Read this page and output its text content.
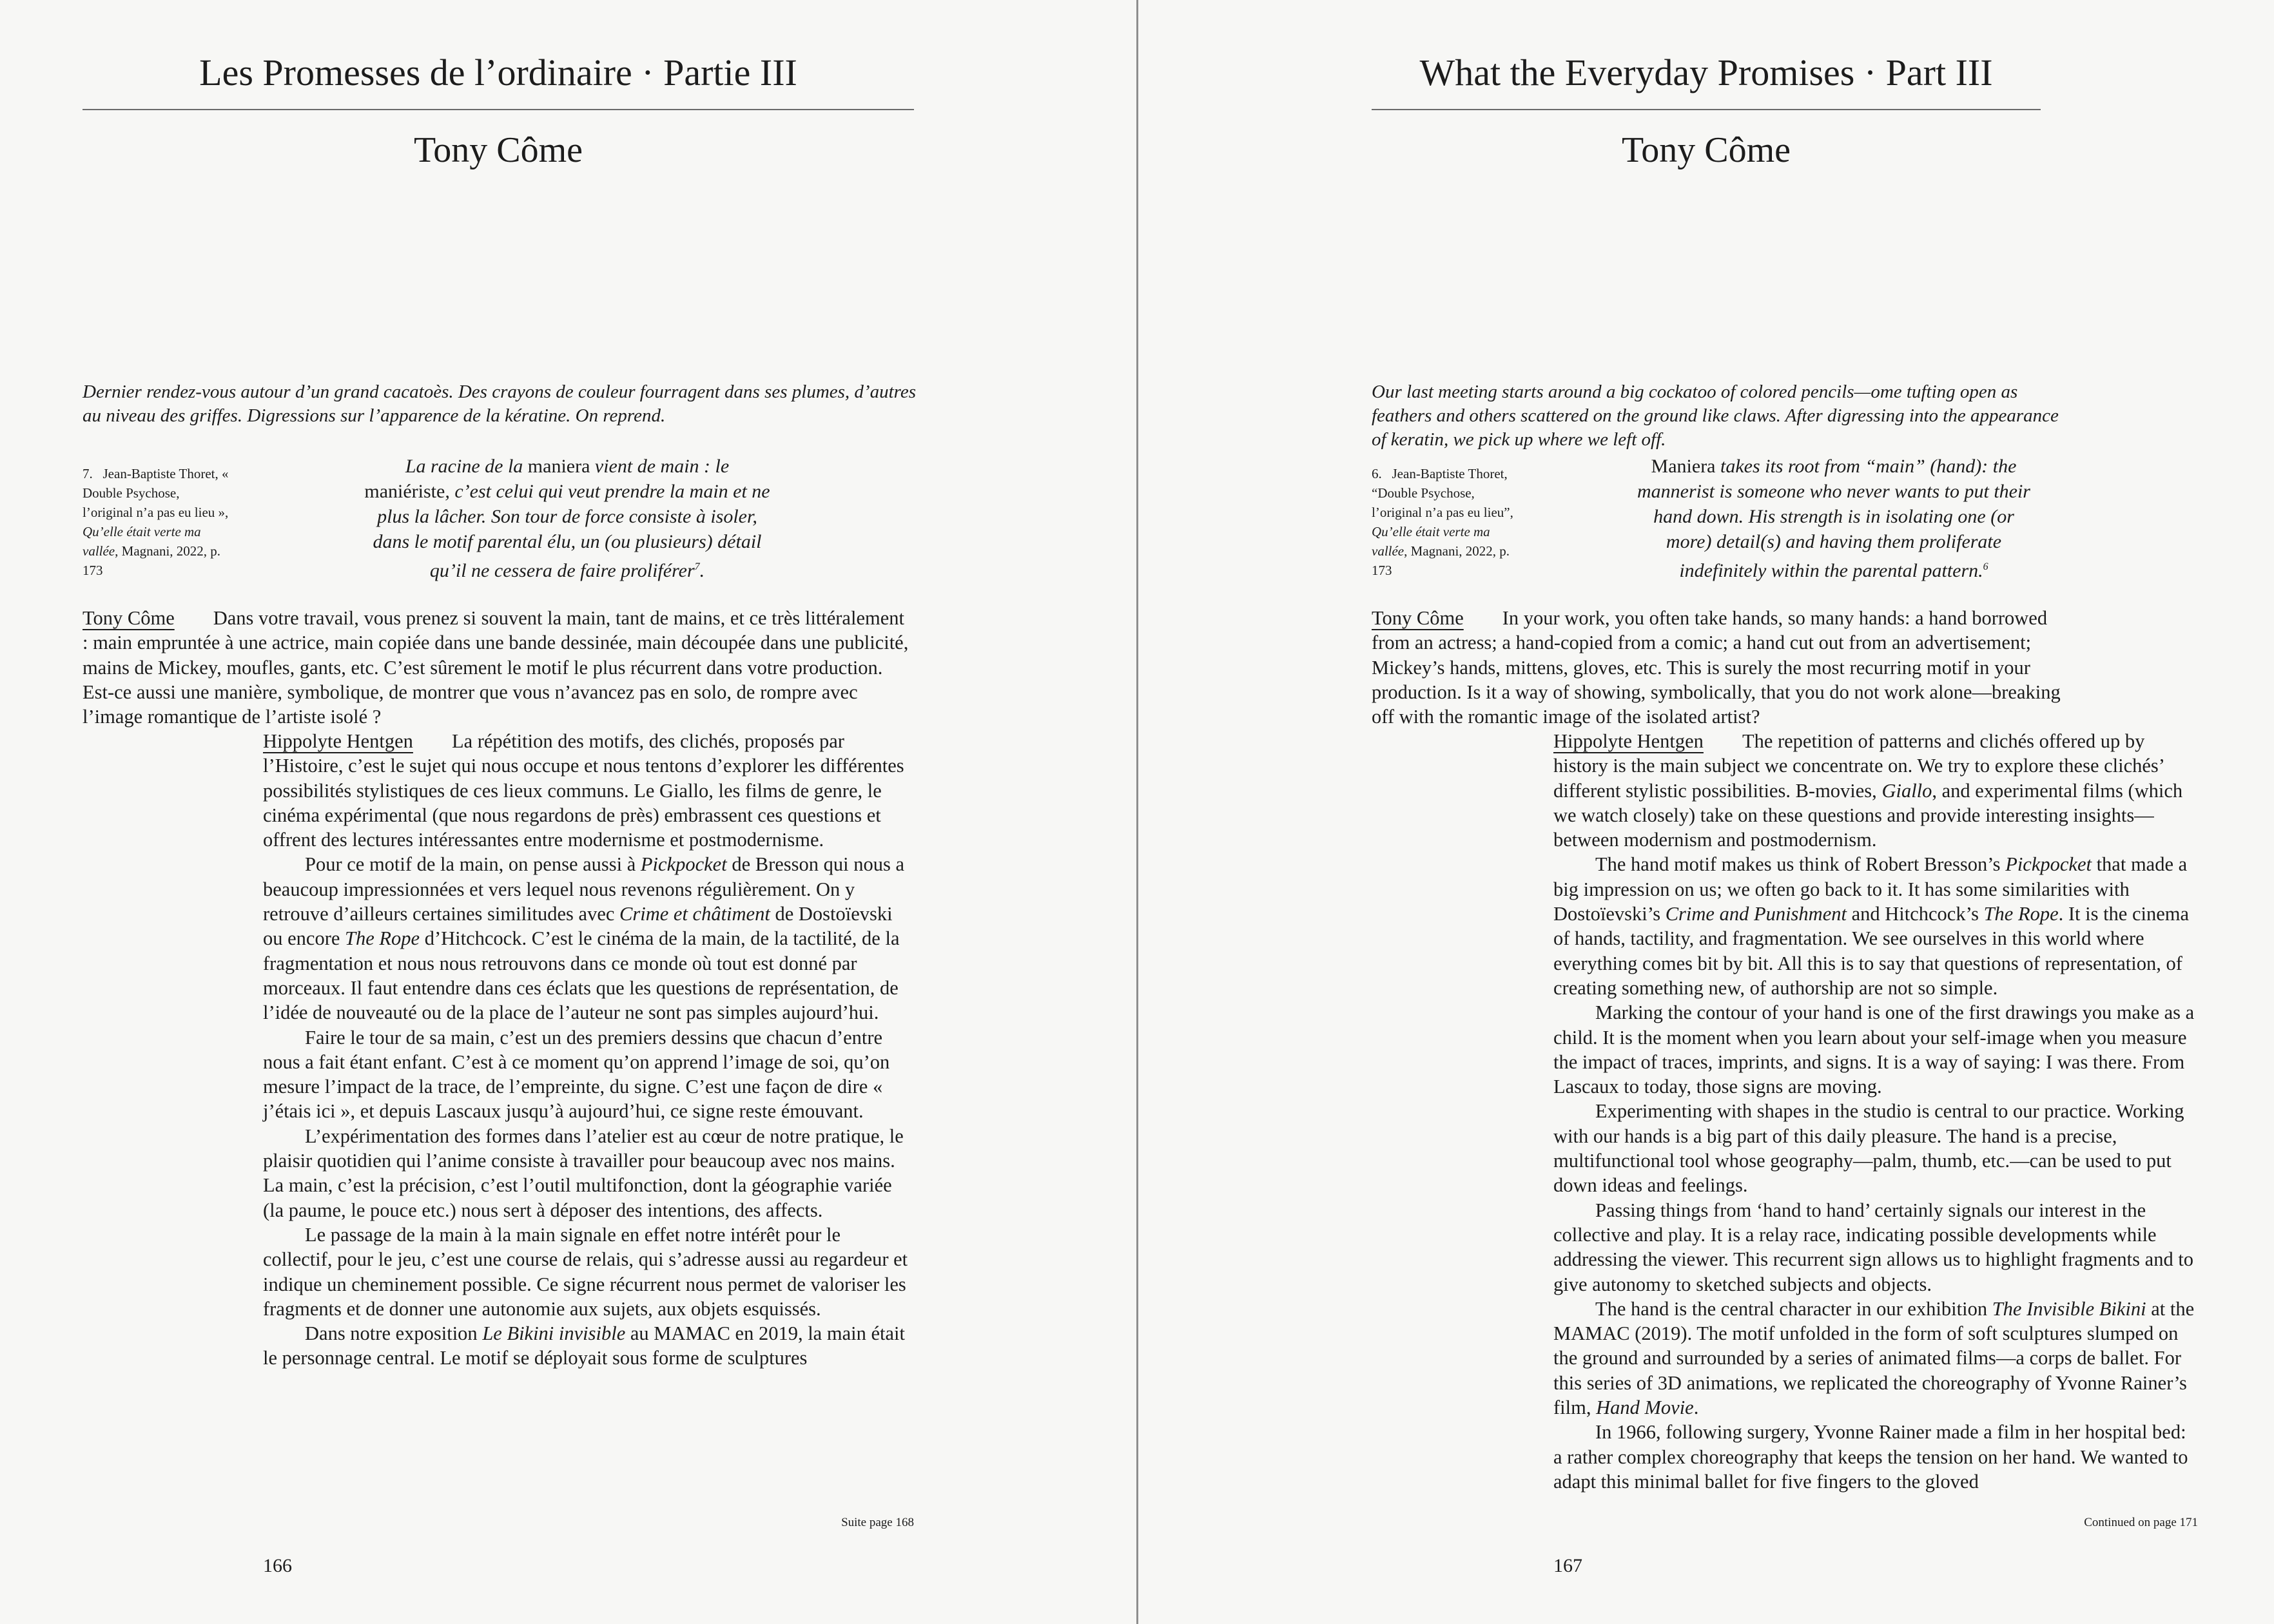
Les Promesses de l’ordinaire · Partie III
Tony Côme
Dernier rendez-vous autour d’un grand cacatoès. Des crayons de couleur fourragent dans ses plumes, d’autres au niveau des griffes. Digressions sur l’apparence de la kératine. On reprend.
7. Jean-Baptiste Thoret, « Double Psychose, l’original n’a pas eu lieu », Qu’elle était verte ma vallée, Magnani, 2022, p. 173
La racine de la maniera vient de main : le maniériste, c’est celui qui veut prendre la main et ne plus la lâcher. Son tour de force consiste à isoler, dans le motif parental élu, un (ou plusieurs) détail qu’il ne cessera de faire proliférer$^7$.

Tony Côme Dans votre travail, vous prenez si souvent la main, tant de mains, et ce très littéralement : main empruntée à une actrice, main copiée dans une bande dessinée, main découpée dans une publicité, mains de Mickey, moufles, gants, etc. C’est sûrement le motif le plus récurrent dans votre production. Est-ce aussi une manière, symbolique, de montrer que vous n’avancez pas en solo, de rompre avec l’image romantique de l’artiste isolé ?

Hippolyte Hentgen La répétition des motifs, des clichés, proposés par l’Histoire, c’est le sujet qui nous occupe et nous tentons d’explorer les différentes possibilités stylistiques de ces lieux communs. Le Giallo, les films de genre, le cinéma expérimental (que nous regardons de près) embrassent ces questions et offrent des lectures intéressantes entre modernisme et postmodernisme.

Pour ce motif de la main, on pense aussi à Pickpocket de Bresson qui nous a beaucoup impressionnées et vers lequel nous revenons régulièrement. On y retrouve d’ailleurs certaines similitudes avec Crime et châtiment de Dostoïevski ou encore The Rope d’Hitchcock. C’est le cinéma de la main, de la tactilité, de la fragmentation et nous nous retrouvons dans ce monde où tout est donné par morceaux. Il faut entendre dans ces éclats que les questions de représentation, de l’idée de nouveauté ou de la place de l’auteur ne sont pas simples aujourd’hui.

Faire le tour de sa main, c’est un des premiers dessins que chacun d’entre nous a fait étant enfant. C’est à ce moment qu’on apprend l’image de soi, qu’on mesure l’impact de la trace, de l’empreinte, du signe. C’est une façon de dire « j’étais ici », et depuis Lascaux jusqu’à aujourd’hui, ce signe reste émouvant.

L’expérimentation des formes dans l’atelier est au cœur de notre pratique, le plaisir quotidien qui l’anime consiste à travailler pour beaucoup avec nos mains. La main, c’est la précision, c’est l’outil multifonction, dont la géographie variée (la paume, le pouce etc.) nous sert à déposer des intentions, des affects.

Le passage de la main à la main signale en effet notre intérêt pour le collectif, pour le jeu, c’est une course de relais, qui s’adresse aussi au regardeur et indique un cheminement possible. Ce signe récurrent nous permet de valoriser les fragments et de donner une autonomie aux sujets, aux objets esquissés.

Dans notre exposition Le Bikini invisible au MAMAC en 2019, la main était le personnage central. Le motif se déployait sous forme de sculptures

Suite page 168
166
What the Everyday Promises · Part III
Tony Côme
Our last meeting starts around a big cockatoo of colored pencils—ome tufting open as feathers and others scattered on the ground like claws. After digressing into the appearance of keratin, we pick up where we left off.
6. Jean-Baptiste Thoret, “Double Psychose, l’original n’a pas eu lieu”, Qu’elle était verte ma vallée, Magnani, 2022, p. 173
Maniera takes its root from “main” (hand): the mannerist is someone who never wants to put their hand down. His strength is in isolating one (or more) detail(s) and having them proliferate indefinitely within the parental pattern.$^6$

Tony Côme In your work, you often take hands, so many hands: a hand borrowed from an actress; a hand-copied from a comic; a hand cut out from an advertisement; Mickey’s hands, mittens, gloves, etc. This is surely the most recurring motif in your production. Is it a way of showing, symbolically, that you do not work alone—breaking off with the romantic image of the isolated artist?

Hippolyte Hentgen The repetition of patterns and clichés offered up by history is the main subject we concentrate on. We try to explore these clichés’ different stylistic possibilities. B-movies, Giallo, and experimental films (which we watch closely) take on these questions and provide interesting insights—between modernism and postmodernism.

The hand motif makes us think of Robert Bresson’s Pickpocket that made a big impression on us; we often go back to it. It has some similarities with Dostoïevski’s Crime and Punishment and Hitchcock’s The Rope. It is the cinema of hands, tactility, and fragmentation. We see ourselves in this world where everything comes bit by bit. All this is to say that questions of representation, of creating something new, of authorship are not so simple.

Marking the contour of your hand is one of the first drawings you make as a child. It is the moment when you learn about your self-image when you measure the impact of traces, imprints, and signs. It is a way of saying: I was there. From Lascaux to today, those signs are moving.

Experimenting with shapes in the studio is central to our practice. Working with our hands is a big part of this daily pleasure. The hand is a precise, multifunctional tool whose geography—palm, thumb, etc.—can be used to put down ideas and feelings.

Passing things from ‘hand to hand’ certainly signals our interest in the collective and play. It is a relay race, indicating possible developments while addressing the viewer. This recurrent sign allows us to highlight fragments and to give autonomy to sketched subjects and objects.

The hand is the central character in our exhibition The Invisible Bikini at the MAMAC (2019). The motif unfolded in the form of soft sculptures slumped on the ground and surrounded by a series of animated films—a corps de ballet. For this series of 3D animations, we replicated the choreography of Yvonne Rainer’s film, Hand Movie.

In 1966, following surgery, Yvonne Rainer made a film in her hospital bed: a rather complex choreography that keeps the tension on her hand. We wanted to adapt this minimal ballet for five fingers to the gloved

Continued on page 171
167
